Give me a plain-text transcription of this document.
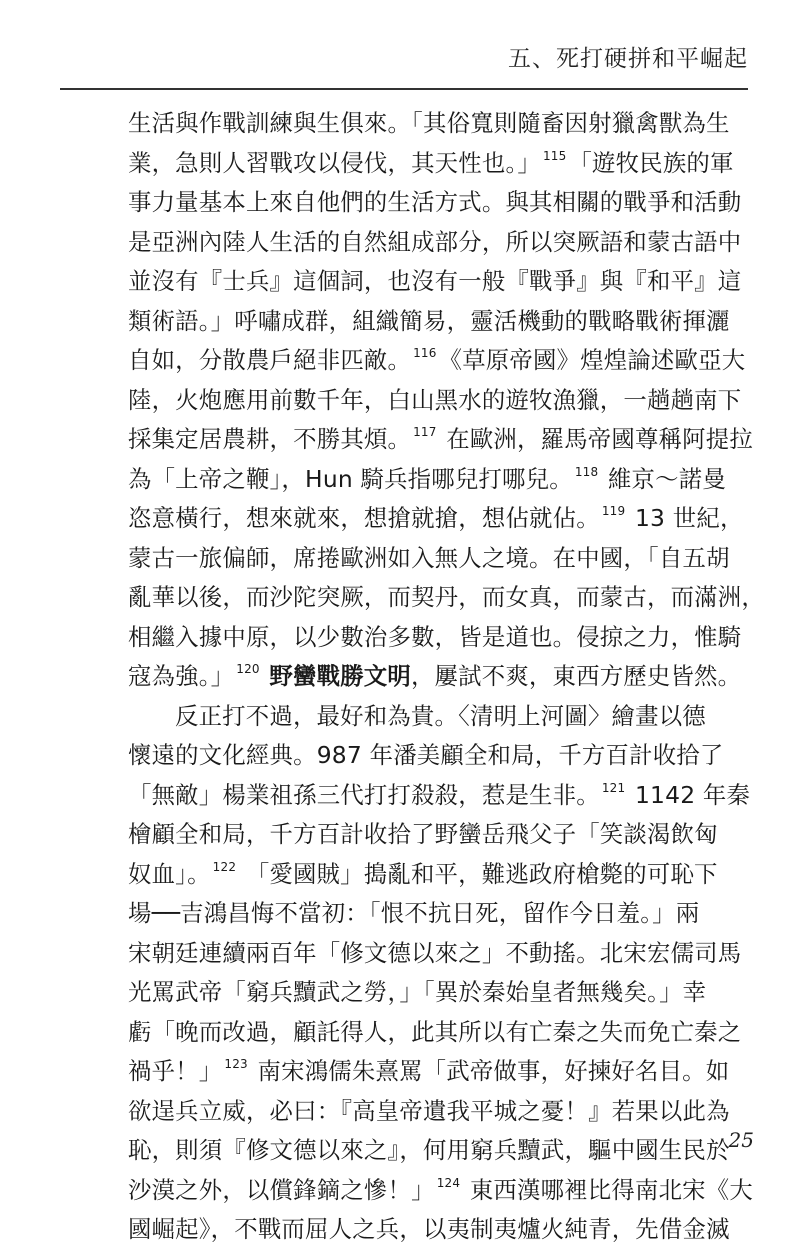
五、死打硬拼和平崛起
生活與作戰訓練與生俱來。「其俗寬則隨畜因射獵禽獸為生
業，急則人習戰攻以侵伐，其天性也。」 $^{115}$「遊牧民族的軍
事力量基本上來自他們的生活方式。與其相關的戰爭和活動
是亞洲內陸人生活的自然組成部分，所以突厥語和蒙古語中
並沒有『士兵』這個詞，也沒有一般『戰爭』與『和平』這
類術語。」呼嘯成群，組織簡易，靈活機動的戰略戰術揮灑
自如，分散農戶絕非匹敵。 $^{116}$《草原帝國》煌煌論述歐亞大
陸，火炮應用前數千年，白山黑水的遊牧漁獵，一趟趟南下
採集定居農耕，不勝其煩。 $^{117}$ 在歐洲，羅馬帝國尊稱阿提拉
為「上帝之鞭」，Hun 騎兵指哪兒打哪兒。 $^{118}$ 維京～諾曼
恣意橫行，想來就來，想搶就搶，想佔就佔。 $^{119}$ 13 世紀，
蒙古一旅偏師，席捲歐洲如入無人之境。在中國，「自五胡
亂華以後，而沙陀突厥，而契丹，而女真，而蒙古，而滿洲，
相繼入據中原，以少數治多數，皆是道也。侵掠之力，惟騎
寇為強。」 $^{120}$ 野蠻戰勝文明，屢試不爽，東西方歷史皆然。
反正打不過，最好和為貴。〈清明上河圖〉繪畫以德
懷遠的文化經典。987 年潘美顧全和局，千方百計收拾了
「無敵」楊業祖孫三代打打殺殺，惹是生非。 $^{121}$ 1142 年秦
檜顧全和局，千方百計收拾了野蠻岳飛父子「笑談渴飲匈
奴血」。 $^{122}$ 「愛國賊」搗亂和平，難逃政府槍斃的可恥下
場──吉鴻昌悔不當初：「恨不抗日死，留作今日羞。」兩
宋朝廷連續兩百年「修文德以來之」不動搖。北宋宏儒司馬
光罵武帝「窮兵黷武之勞，」「異於秦始皇者無幾矣。」幸
虧「晚而改過，顧託得人，此其所以有亡秦之失而免亡秦之
禍乎！」 $^{123}$ 南宋鴻儒朱熹罵「武帝做事，好揀好名目。如
欲逞兵立威，必曰：『高皇帝遺我平城之憂！』若果以此為
恥，則須『修文德以來之』，何用窮兵黷武，驅中國生民於
沙漠之外，以償鋒鏑之慘！」 $^{124}$ 東西漢哪裡比得南北宋《大
國崛起》，不戰而屈人之兵，以夷制夷爐火純青，先借金滅
25
